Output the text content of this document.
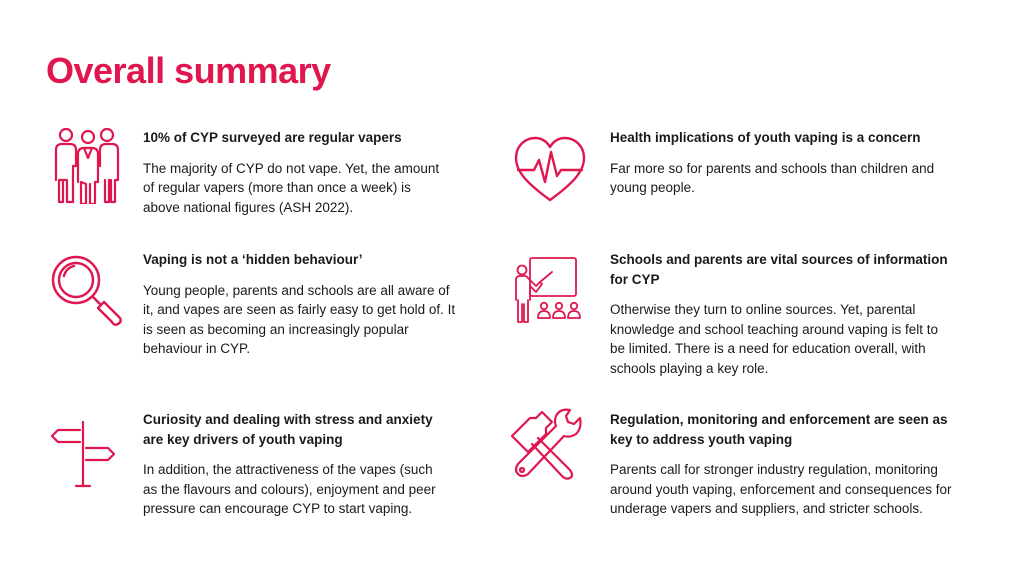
Overall summary
10% of CYP surveyed are regular vapers
The majority of CYP do not vape. Yet, the amount of regular vapers (more than once a week) is above national figures (ASH 2022).
Health implications of youth vaping is a concern
Far more so for parents and schools than children and young people.
Vaping is not a ‘hidden behaviour’
Young people, parents and schools are all aware of it, and vapes are seen as fairly easy to get hold of. It is seen as becoming an increasingly popular behaviour in CYP.
Schools and parents are vital sources of information for CYP
Otherwise they turn to online sources. Yet, parental knowledge and school teaching around vaping is felt to be limited. There is a need for education overall, with schools playing a key role.
Curiosity and dealing with stress and anxiety are key drivers of youth vaping
In addition, the attractiveness of the vapes (such as the flavours and colours), enjoyment and peer pressure can encourage CYP to start vaping.
Regulation, monitoring and enforcement are seen as key to address youth vaping
Parents call for stronger industry regulation, monitoring around youth vaping, enforcement and consequences for underage vapers and suppliers, and stricter schools.
